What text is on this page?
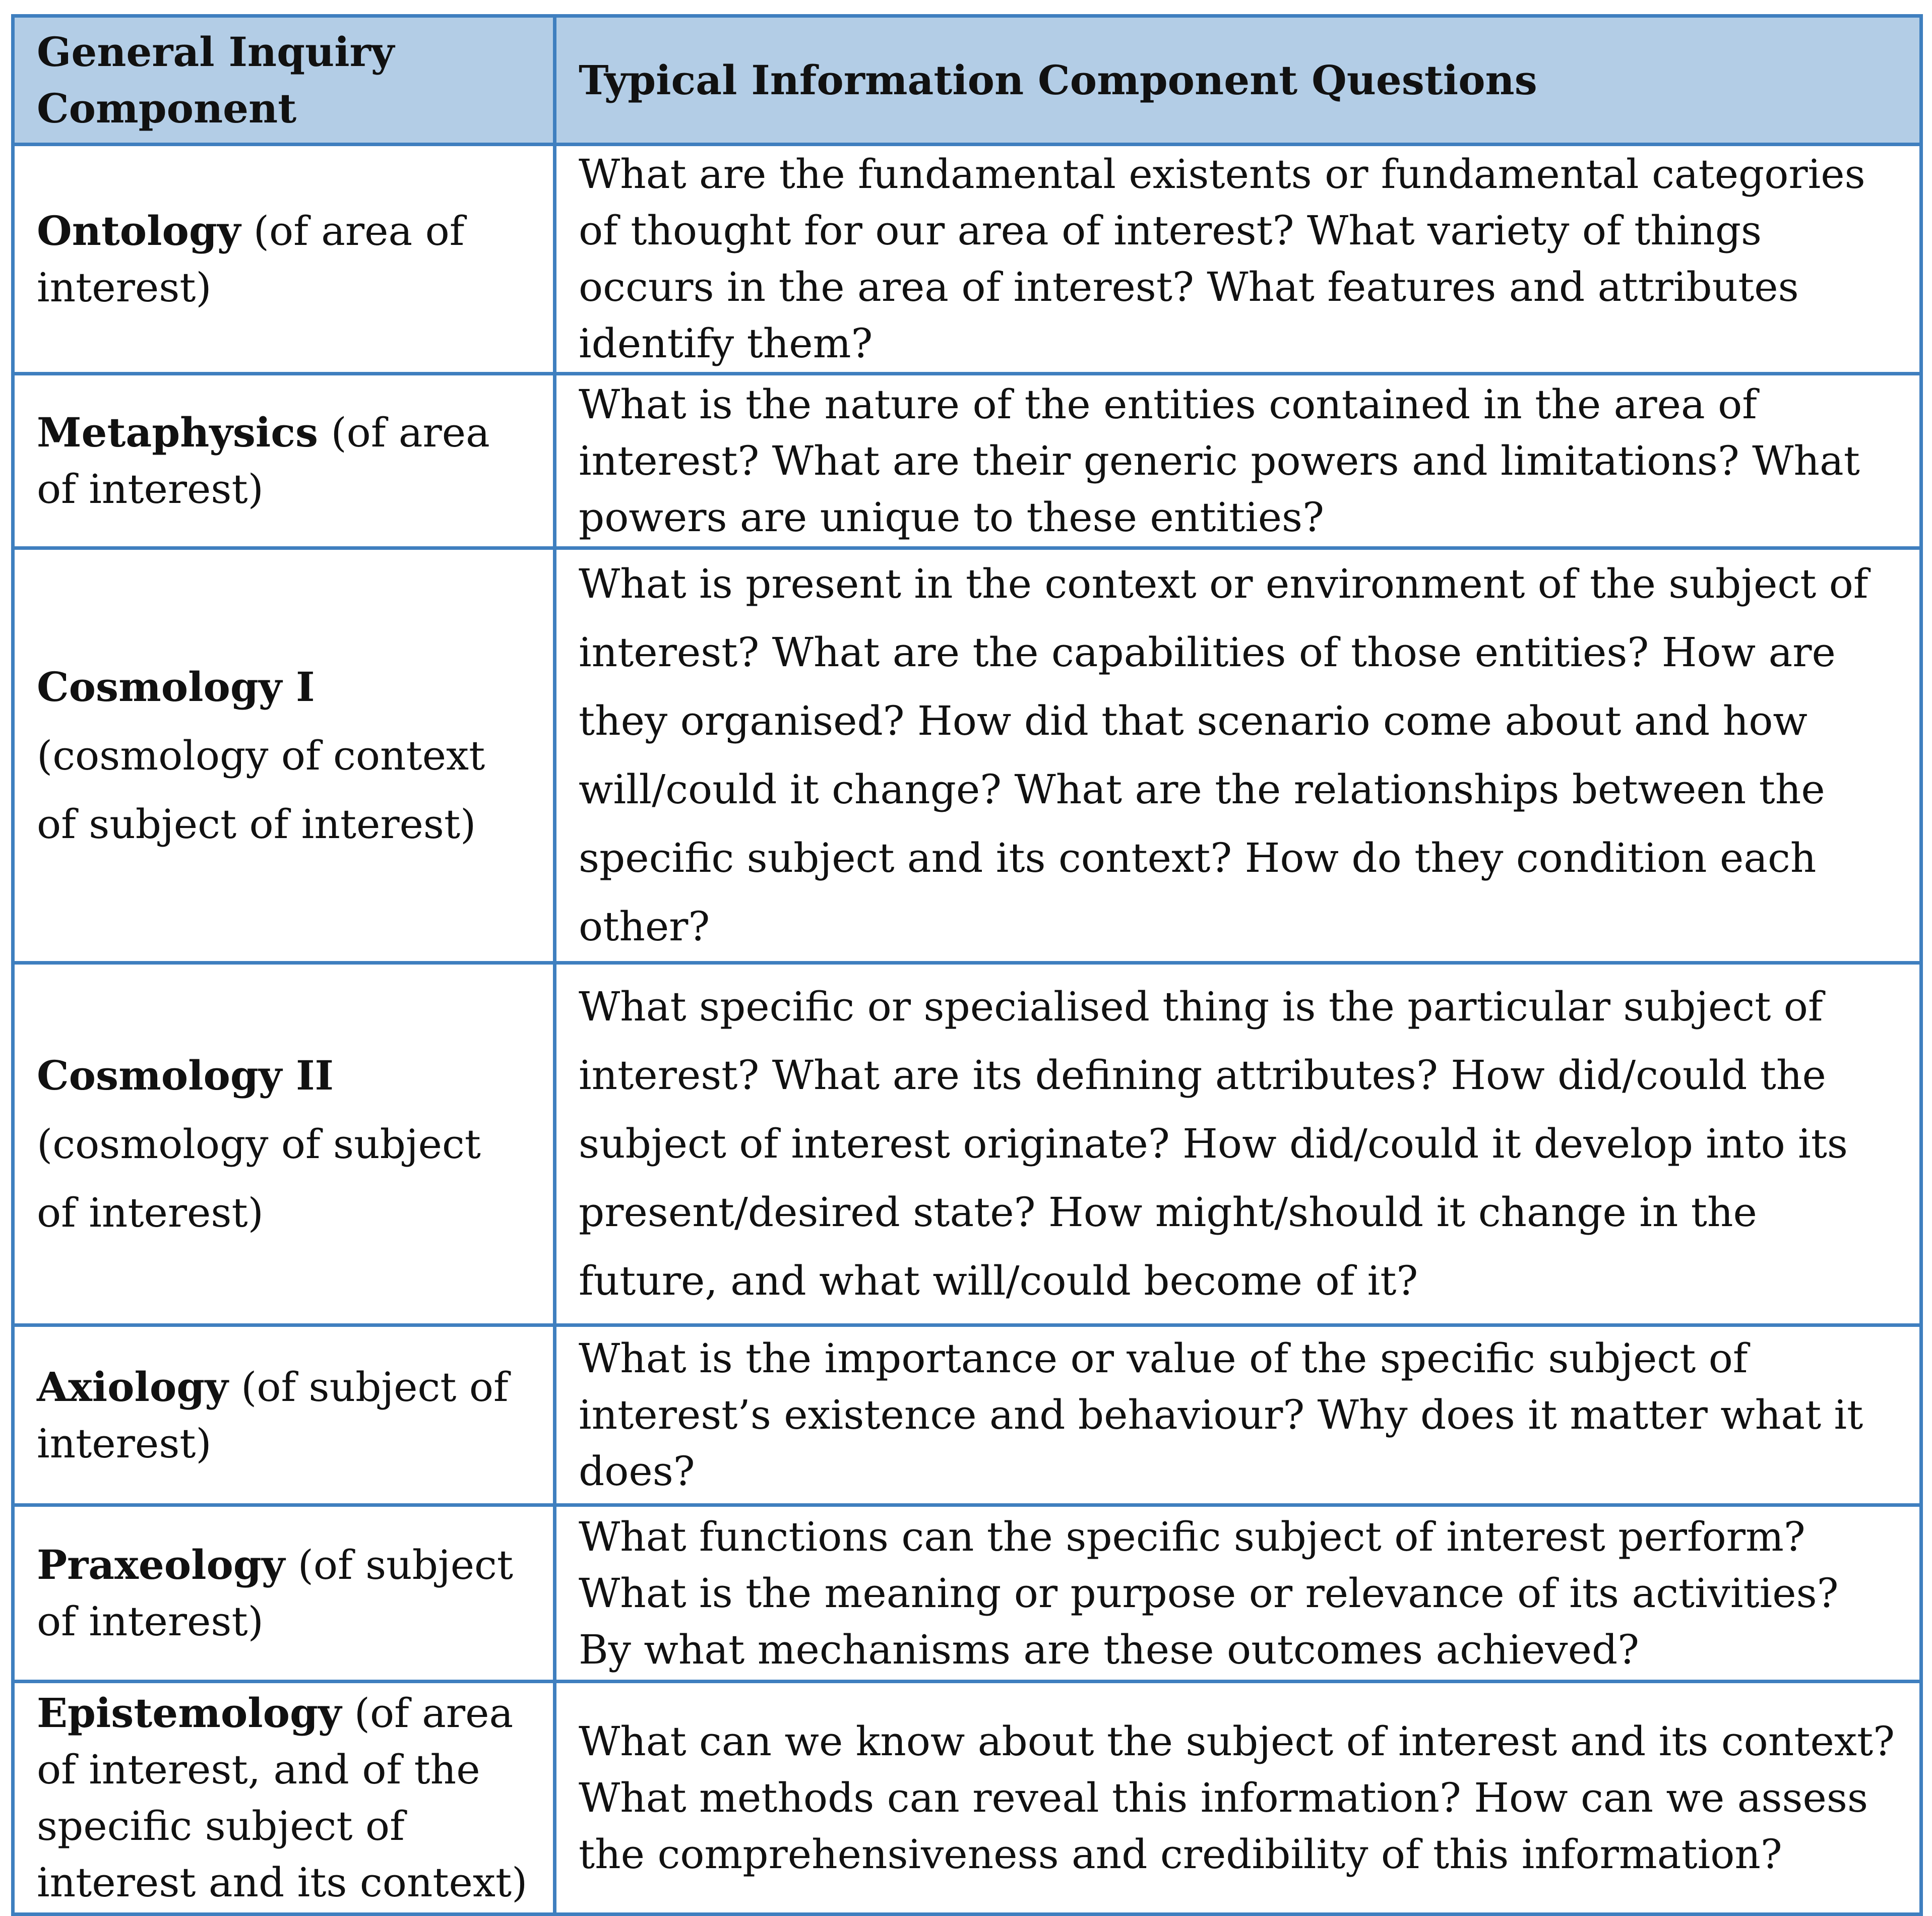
General Inquiry Component	Typical Information Component Questions
Ontology (of area of interest)	What are the fundamental existents or fundamental categories of thought for our area of interest? What variety of things occurs in the area of interest? What features and attributes identify them?
Metaphysics (of area of interest)	What is the nature of the entities contained in the area of interest? What are their generic powers and limitations? What powers are unique to these entities?
Cosmology I (cosmology of context of subject of interest)	What is present in the context or environment of the subject of interest? What are the capabilities of those entities? How are they organised? How did that scenario come about and how will/could it change? What are the relationships between the specific subject and its context? How do they condition each other?
Cosmology II (cosmology of subject of interest)	What specific or specialised thing is the particular subject of interest? What are its defining attributes? How did/could the subject of interest originate? How did/could it develop into its present/desired state? How might/should it change in the future, and what will/could become of it?
Axiology (of subject of interest)	What is the importance or value of the specific subject of interest’s existence and behaviour? Why does it matter what it does?
Praxeology (of subject of interest)	What functions can the specific subject of interest perform? What is the meaning or purpose or relevance of its activities? By what mechanisms are these outcomes achieved?
Epistemology (of area of interest, and of the specific subject of interest and its context)	What can we know about the subject of interest and its context? What methods can reveal this information? How can we assess the comprehensiveness and credibility of this information?
